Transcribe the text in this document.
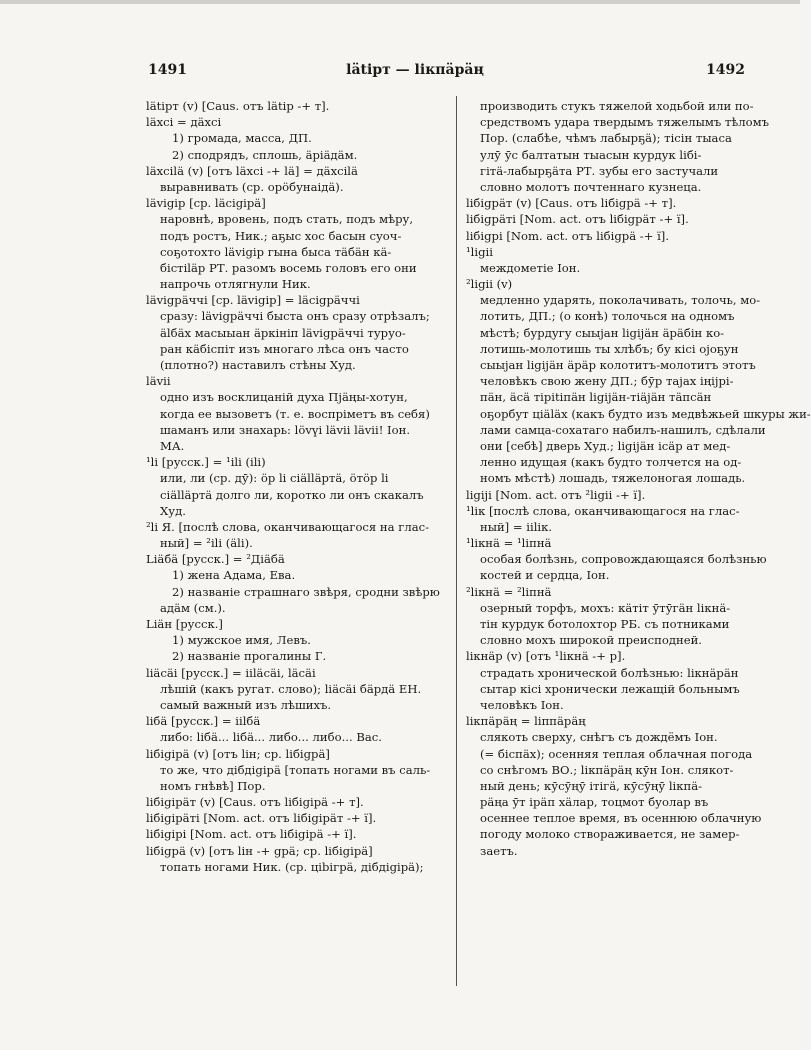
1491	lätірт — lікпäрäң	1492
lätірт (v) [Caus. отъ lätір -+ т].
läxсі = дäxсі
1) громада, масса, ДП.
2) сподрядъ, сплошь, äріäдäм.
läxсіlä (v) [отъ läxсі -+ lä] = дäxсіlä
выравнивать (ср. орöбунаiдä).
lävіgір [ср. läсіgірä]
наровнѣ, вровень, подъ стать, подъ мѣру,
подъ ростъ, Ник.; аҕыс хос басын суоч-
соҕотохто lävіgір гына быса тäбäн кä-
бістіläр РТ. разомъ восемь головъ его они
напрочь отлягнули Ник.
lävіgрäччі [ср. lävіgір] = läсіgрäччі
сразу: lävіgрäччі быста онъ сразу отрѣзалъ;
älбäх масыыан äркініп lävіgрäччі туруо-
ран кäбіспіт изъ многаго лѣса онъ часто
(плотно?) наставилъ стѣны Худ.
lävіі
одно изъ восклицаній духа Пјäңы-хотун,
когда ее вызоветъ (т. е. воспрiметъ въ себя)
шаманъ или знахарь: lövүі lävіі lävіі! Іон.
МА.
¹lі [русск.] = ¹іlі (іlі)
или, ли (ср. дӯ): öр lі сіälläртä, öтöр lі
сіälläртä долго ли, коротко ли онъ скакалъ
Худ.
²lі Я. [послѣ слова, оканчивающагося на глас-
ный] = ²іlі (älі).
Liäбä [русск.] = ²Діäбä
1) жена Адама, Ева.
2) названіе страшнаго звѣря, сродни звѣрю
адäм (см.).
Liäн [русск.]
1) мужское имя, Левъ.
2) названіе прогалины Г.
liäсäі [русск.] = ііläсäі, läсäі
лѣшій (какъ ругат. слово); liäсäі бäрдä ЕН.
самый важный изъ лѣшихъ.
lібä [русск.] = ііlбä
либо: lібä... lібä... либо... либо... Вас.
lібіgірä (v) [отъ lін; ср. lібіgрä]
то же, что дібдіgірä [топать ногами въ саль-
номъ гнѣвѣ] Пор.
lібіgірäт (v) [Caus. отъ lібіgірä -+ т].
lібіgірäті [Nom. act. отъ lібіgірäт -+ ї].
lібіgірі [Nom. act. отъ lібіgірä -+ ї].
lібіgрä (v) [отъ lін -+ gрä; ср. lібіgірä]
топать ногами Ник. (ср. ціbігрä, дібдіgірä);
производить стукъ тяжелой ходьбой или по-
средствомъ удара твердымъ тяжелымъ тѣломъ
Пор. (слабѣе, чѣмъ лабырҕä); тісін тыаса
улӯ ӯс балтатын тыасын курдук lібі-
гітä-лабырҕäта РТ. зубы его застучали
словно молотъ почтеннаго кузнеца.
lібіgрäт (v) [Caus. отъ lібіgрä -+ т].
lібіgрäті [Nom. act. отъ lібіgрäт -+ ї].
lібіgрі [Nom. act. отъ lібіgрä -+ ї].
¹lіgіі
междометіе Іон.
²lіgіі (v)
медленно ударять, поколачивать, толочь, мо-
лотить, ДП.; (о конѣ) толочься на одномъ
мѣстѣ; бурдугу сыыјан lіgіјäн äрäбін ко-
лотишь-молотишь ты хлѣбъ; бу кісі оjоҕун
сыыјан lіgіјäн äрäр колотитъ-молотитъ этотъ
человѣкъ свою жену ДП.; бӯр тајах іңіjрі-
пäн, äсä тіріtіпäн lіgіјäн-тіäјäн тäпсäн
оҕорбут ціäläх (какъ будто изъ медвѣжьей шкуры жи-
лами самца-сохатаго набилъ-нашилъ, сдѣлали
они [себѣ] дверь Худ.; lіgіјäн ісäр ат мед-
ленно идущая (какъ будто толчется на од-
номъ мѣстѣ) лошадь, тяжелоногая лошадь.
lіgіjі [Nom. act. отъ ²lіgіі -+ ї].
¹lік [послѣ слова, оканчивающагося на глас-
ный] = ііlік.
¹lікнä = ¹lіпнä
особая болѣзнь, сопровождающаяся болѣзнью
костей и сердца, Іон.
²lікнä = ²lіпнä
озерный торфъ, мохъ: кäтіт ӯтӯгäн lікнä-
тін курдук ботолохтор РБ. съ потниками
словно мохъ широкой преисподней.
lікнäр (v) [отъ ¹lікнä -+ р].
страдать хронической болѣзнью: lікнäрäн
сытар кісі хронически лежащій больнымъ
человѣкъ Іон.
lікпäрäң = lіппäрäң
слякоть сверху, снѣгъ съ дождёмъ Іон.
(= біспäх); осенняя теплая облачная погода
со снѣгомъ ВО.; lікпäрäң кӯн Іон. слякот-
ный день; кӯсӯңӯ ітігä, кӯсӯңӯ lікпä-
рäңа ӯт іpäп хäлар, тоцмот буолар въ
осеннее теплое время, въ осеннюю облачную
погоду молоко створаживается, не замер-
заетъ.
